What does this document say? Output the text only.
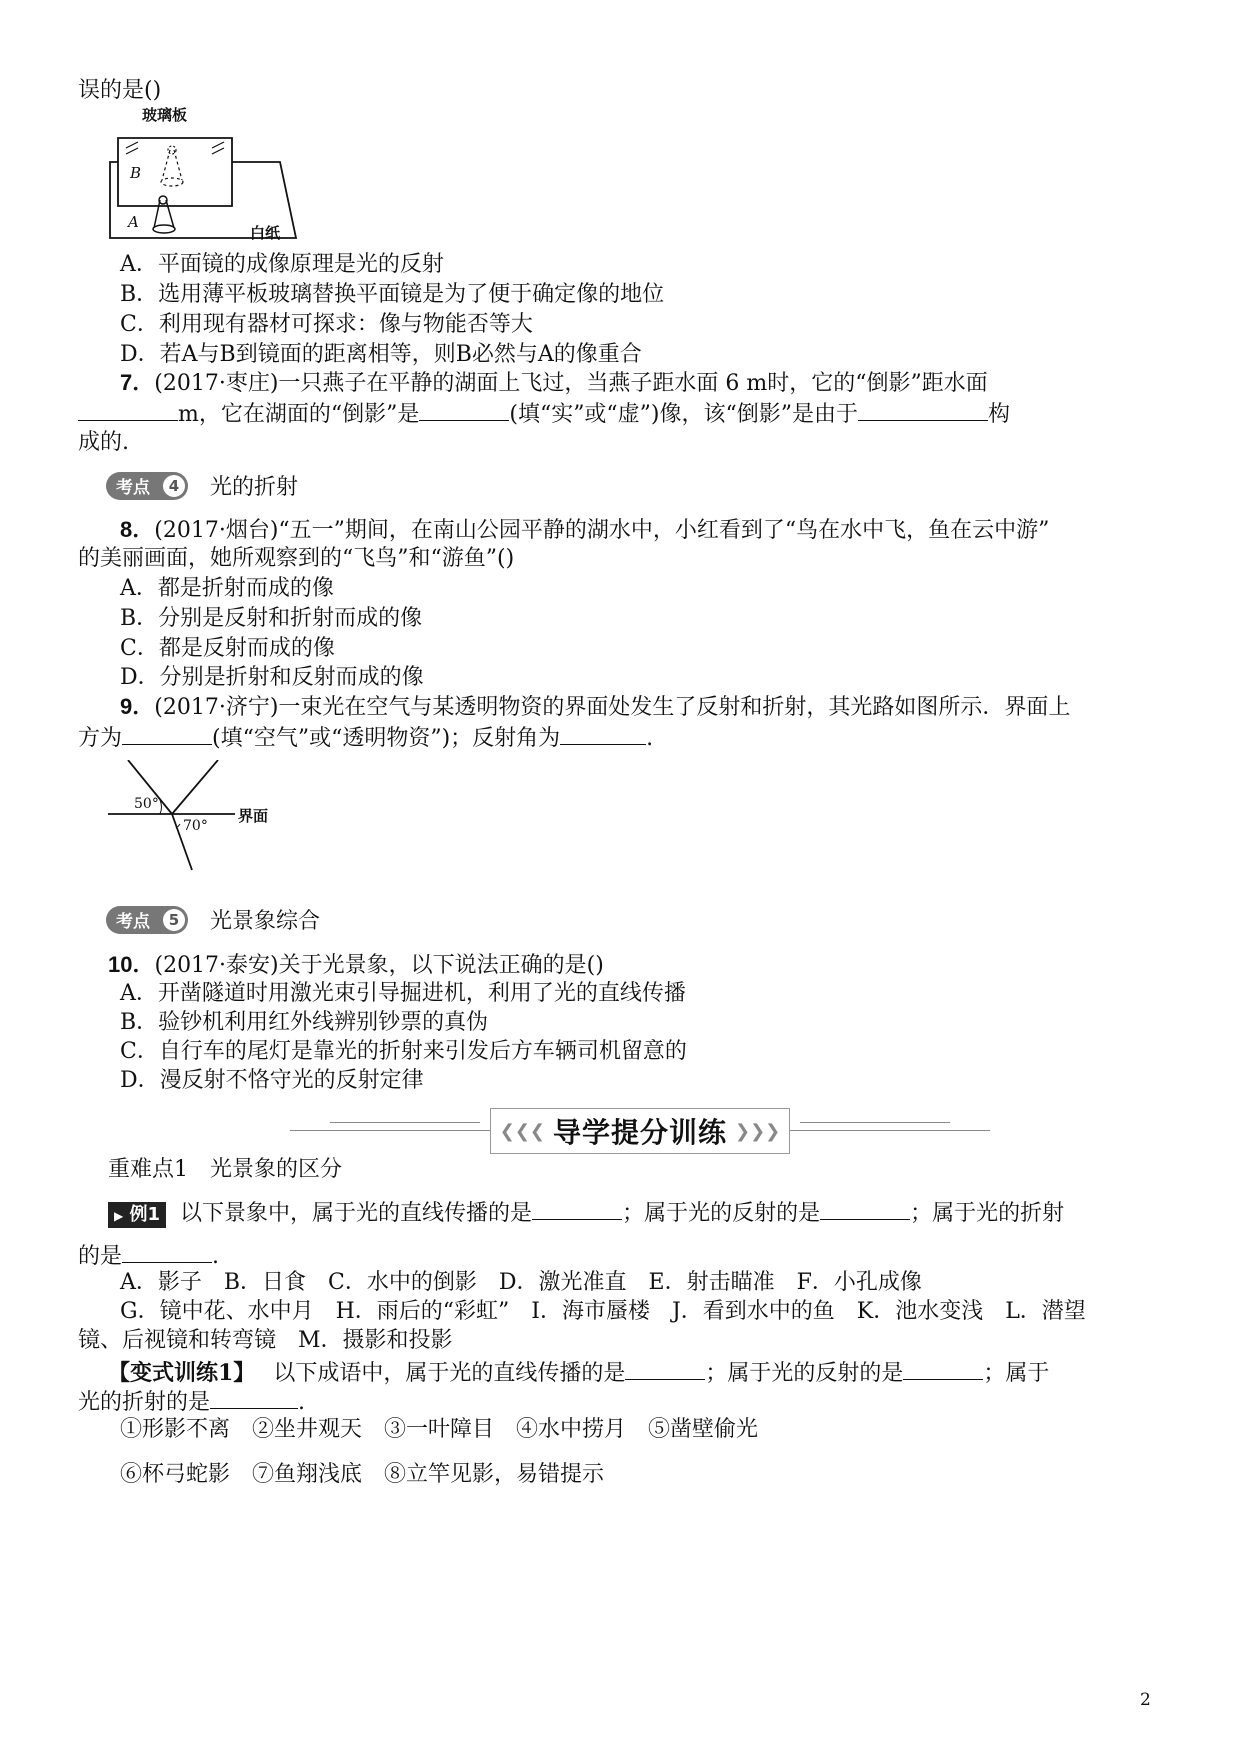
误的是()
玻璃板
白纸
B
A
A．平面镜的成像原理是光的反射
B．选用薄平板玻璃替换平面镜是为了便于确定像的地位
C．利用现有器材可探求：像与物能否等大
D．若A与B到镜面的距离相等，则B必然与A的像重合
7．(2017·枣庄)一只燕子在平静的湖面上飞过，当燕子距水面 6 m时，它的“倒影”距水面
m，它在湖面的“倒影”是	(填“实”或“虚”)像，该“倒影”是由于	构
成的.
考点	4 光的折射
8．(2017·烟台)“五一”期间，在南山公园平静的湖水中，小红看到了“鸟在水中飞，鱼在云中游”
的美丽画面，她所观察到的“飞鸟”和“游鱼”()
A．都是折射而成的像
B．分别是反射和折射而成的像
C．都是反射而成的像
D．分别是折射和反射而成的像
9．(2017·济宁)一束光在空气与某透明物资的界面处发生了反射和折射，其光路如图所示．界面上
方为	(填“空气”或“透明物资”)；反射角为	.
50°
70°
界面
考点	5 光景象综合
10．(2017·泰安)关于光景象，以下说法正确的是()
A．开凿隧道时用激光束引导掘进机，利用了光的直线传播
B．验钞机利用红外线辨别钞票的真伪
C．自行车的尾灯是靠光的折射来引发后方车辆司机留意的
D．漫反射不恪守光的反射定律
❮❮❮ 导学提分训练 ❯❯❯
重难点1 光景象的区分
▶ 例1 以下景象中，属于光的直线传播的是	；属于光的反射的是	；属于光的折射
的是	.
A．影子　B．日食　C．水中的倒影　D．激光准直　E．射击瞄准　F．小孔成像
G．镜中花、水中月　H．雨后的“彩虹”　I．海市蜃楼　J．看到水中的鱼　K．池水变浅　L．潜望
镜、后视镜和转弯镜　M．摄影和投影
【变式训练1】 以下成语中，属于光的直线传播的是	；属于光的反射的是	；属于
光的折射的是	.
①形影不离　②坐井观天　③一叶障目　④水中捞月　⑤凿壁偷光
⑥杯弓蛇影　⑦鱼翔浅底　⑧立竿见影，易错提示
2
